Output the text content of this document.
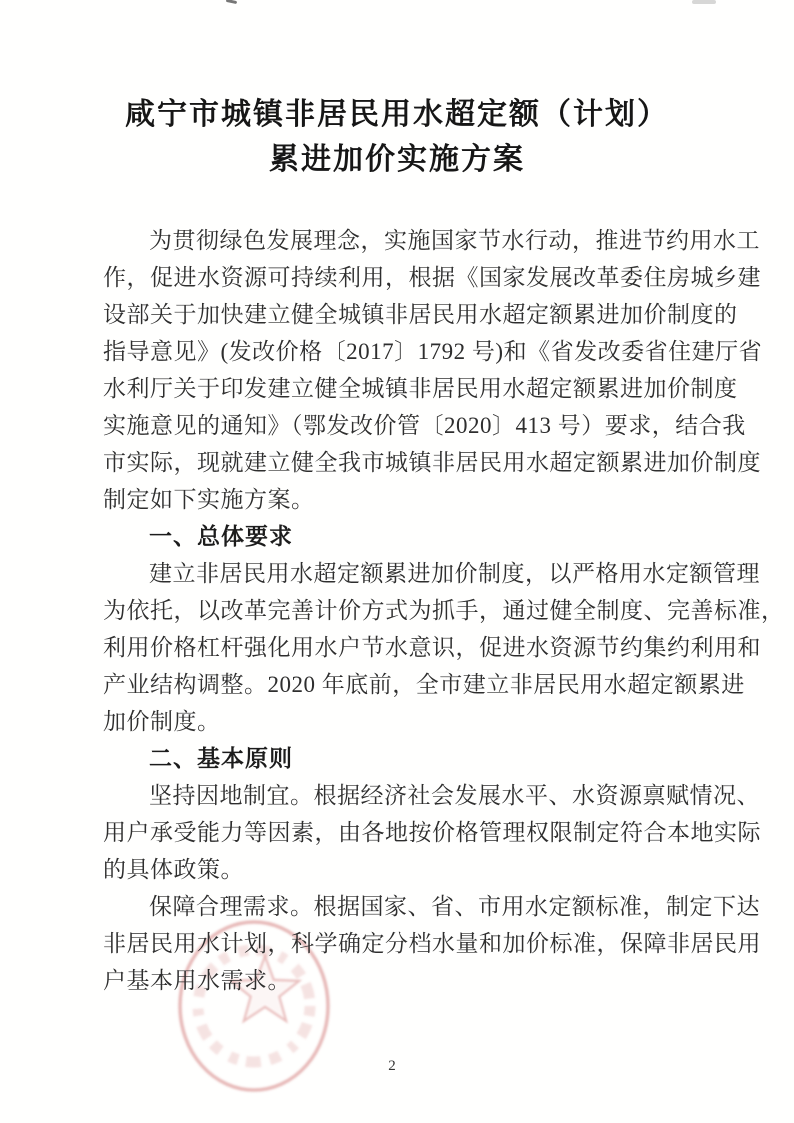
咸宁市城镇非居民用水超定额（计划）
累进加价实施方案
为贯彻绿色发展理念，实施国家节水行动，推进节约用水工
作，促进水资源可持续利用，根据《国家发展改革委住房城乡建
设部关于加快建立健全城镇非居民用水超定额累进加价制度的
指导意见》(发改价格〔2017〕1792 号)和《省发改委省住建厅省
水利厅关于印发建立健全城镇非居民用水超定额累进加价制度
实施意见的通知》（鄂发改价管〔2020〕413 号）要求，结合我
市实际，现就建立健全我市城镇非居民用水超定额累进加价制度
制定如下实施方案。
一、总体要求
建立非居民用水超定额累进加价制度，以严格用水定额管理
为依托，以改革完善计价方式为抓手，通过健全制度、完善标准，
利用价格杠杆强化用水户节水意识，促进水资源节约集约利用和
产业结构调整。2020 年底前，全市建立非居民用水超定额累进
加价制度。
二、基本原则
坚持因地制宜。根据经济社会发展水平、水资源禀赋情况、
用户承受能力等因素，由各地按价格管理权限制定符合本地实际
的具体政策。
保障合理需求。根据国家、省、市用水定额标准，制定下达
非居民用水计划，科学确定分档水量和加价标准，保障非居民用
户基本用水需求。
2
